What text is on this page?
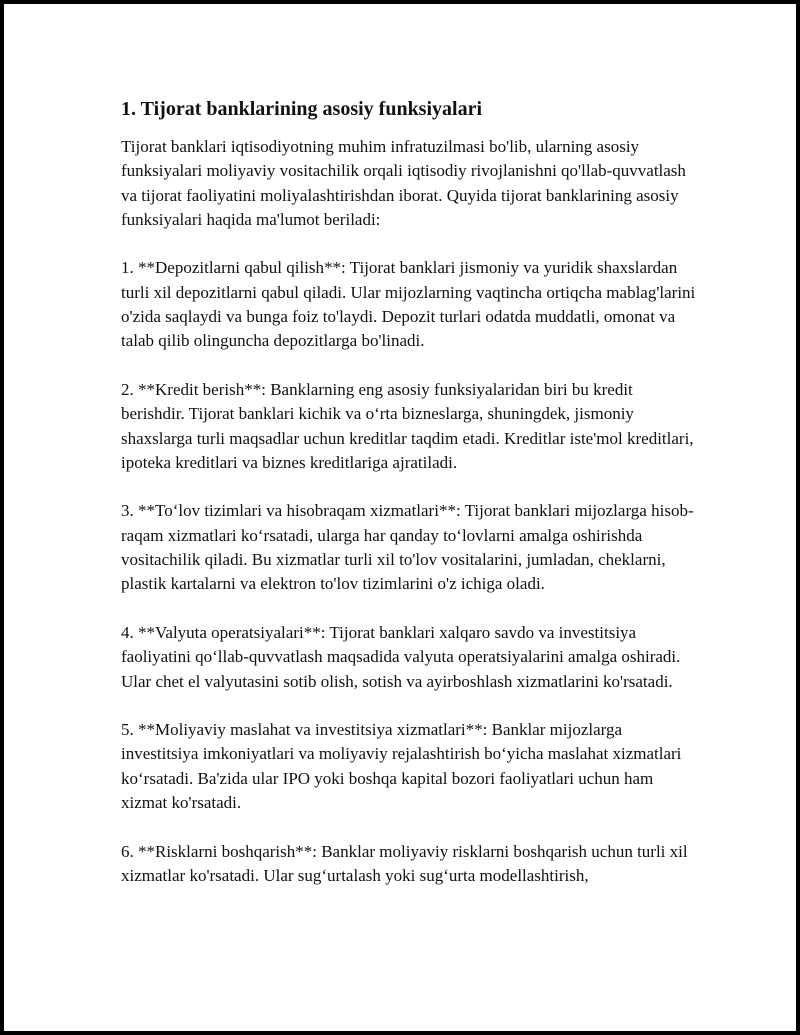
1. Tijorat banklarining asosiy funksiyalari

Tijorat banklari iqtisodiyotning muhim infratuzilmasi bo'lib, ularning asosiy funksiyalari moliyaviy vositachilik orqali iqtisodiy rivojlanishni qo'llab-quvvatlash va tijorat faoliyatini moliyalashtirishdan iborat. Quyida tijorat banklarining asosiy funksiyalari haqida ma'lumot beriladi:

1. **Depozitlarni qabul qilish**: Tijorat banklari jismoniy va yuridik shaxslardan turli xil depozitlarni qabul qiladi. Ular mijozlarning vaqtincha ortiqcha mablag'larini o'zida saqlaydi va bunga foiz to'laydi. Depozit turlari odatda muddatli, omonat va talab qilib olinguncha depozitlarga bo'linadi.

2. **Kredit berish**: Banklarning eng asosiy funksiyalaridan biri bu kredit berishdir. Tijorat banklari kichik va o‘rta bizneslarga, shuningdek, jismoniy shaxslarga turli maqsadlar uchun kreditlar taqdim etadi. Kreditlar iste'mol kreditlari, ipoteka kreditlari va biznes kreditlariga ajratiladi.

3. **To‘lov tizimlari va hisobraqam xizmatlari**: Tijorat banklari mijozlarga hisob-raqam xizmatlari ko‘rsatadi, ularga har qanday to‘lovlarni amalga oshirishda vositachilik qiladi. Bu xizmatlar turli xil to'lov vositalarini, jumladan, cheklarni, plastik kartalarni va elektron to'lov tizimlarini o'z ichiga oladi.

4. **Valyuta operatsiyalari**: Tijorat banklari xalqaro savdo va investitsiya faoliyatini qo‘llab-quvvatlash maqsadida valyuta operatsiyalarini amalga oshiradi. Ular chet el valyutasini sotib olish, sotish va ayirboshlash xizmatlarini ko'rsatadi.

5. **Moliyaviy maslahat va investitsiya xizmatlari**: Banklar mijozlarga investitsiya imkoniyatlari va moliyaviy rejalashtirish bo‘yicha maslahat xizmatlari ko‘rsatadi. Ba'zida ular IPO yoki boshqa kapital bozori faoliyatlari uchun ham xizmat ko'rsatadi.

6. **Risklarni boshqarish**: Banklar moliyaviy risklarni boshqarish uchun turli xil xizmatlar ko'rsatadi. Ular sug‘urtalash yoki sug‘urta modellashtirish,
